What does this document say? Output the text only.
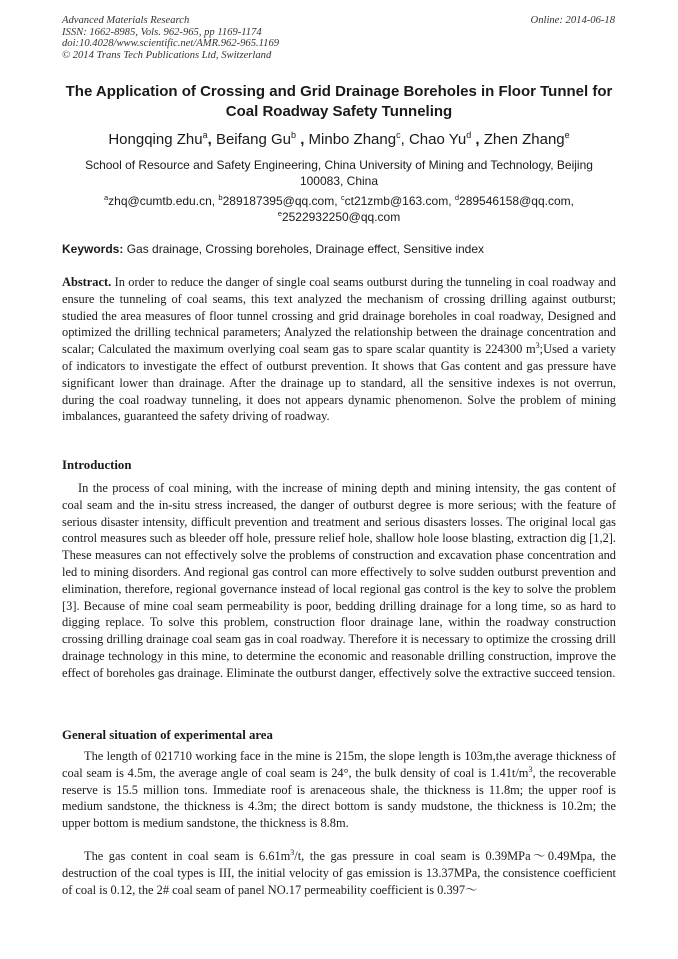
Advanced Materials Research
ISSN: 1662-8985, Vols. 962-965, pp 1169-1174
doi:10.4028/www.scientific.net/AMR.962-965.1169
© 2014 Trans Tech Publications Ltd, Switzerland
Online: 2014-06-18
The Application of Crossing and Grid Drainage Boreholes in Floor Tunnel for Coal Roadway Safety Tunneling
Hongqing Zhu$^a$, Beifang Gu$^b$ , Minbo Zhang$^c$, Chao Yu$^d$ , Zhen Zhang$^e$
School of Resource and Safety Engineering, China University of Mining and Technology, Beijing 100083, China
$^a$zhq@cumtb.edu.cn, $^b$289187395@qq.com, $^c$ct21zmb@163.com, $^d$289546158@qq.com,
$^e$2522932250@qq.com
Keywords: Gas drainage, Crossing boreholes, Drainage effect, Sensitive index
Abstract. In order to reduce the danger of single coal seams outburst during the tunneling in coal roadway and ensure the tunneling of coal seams, this text analyzed the mechanism of crossing drilling against outburst; studied the area measures of floor tunnel crossing and grid drainage boreholes in coal roadway, Designed and optimized the drilling technical parameters; Analyzed the relationship between the drainage concentration and scalar; Calculated the maximum overlying coal seam gas to spare scalar quantity is 224300 $m^3;Used$ a variety of indicators to investigate the effect of outburst prevention. It shows that Gas content and gas pressure have significant lower than drainage. After the drainage up to standard, all the sensitive indexes is not overrun, during the coal roadway tunneling, it does not appears dynamic phenomenon. Solve the problem of mining imbalances, guaranteed the safety driving of roadway.
Introduction
In the process of coal mining, with the increase of mining depth and mining intensity, the gas content of coal seam and the in-situ stress increased, the danger of outburst degree is more serious; with the feature of serious disaster intensity, difficult prevention and treatment and serious disasters losses. The original local gas control measures such as bleeder off hole, pressure relief hole, shallow hole loose blasting, extraction dig [1,2]. These measures can not effectively solve the problems of construction and excavation phase concentration and led to mining disorders. And regional gas control can more effectively to solve sudden outburst prevention and elimination, therefore, regional governance instead of local regional gas control is the key to solve the problem [3]. Because of mine coal seam permeability is poor, bedding drilling drainage for a long time, so as hard to digging replace. To solve this problem, construction floor drainage lane, within the roadway construction crossing drilling drainage coal seam gas in coal roadway. Therefore it is necessary to optimize the crossing drill drainage technology in this mine, to determine the economic and reasonable drilling construction, improve the effect of boreholes gas drainage. Eliminate the outburst danger, effectively solve the extractive succeed tension.
General situation of experimental area
The length of 021710 working face in the mine is 215m, the slope length is 103m,the average thickness of coal seam is 4.5m, the average angle of coal seam is 24°, the bulk density of coal is $1.41t/m^3$, the recoverable reserve is 15.5 million tons. Immediate roof is arenaceous shale, the thickness is 11.8m; the upper roof is medium sandstone, the thickness is 4.3m; the direct bottom is sandy mudstone, the thickness is 10.2m; the upper bottom is medium sandstone, the thickness is 8.8m.
The gas content in coal seam is $6.61m^3/t$, the gas pressure in coal seam is 0.39MPa～0.49Mpa, the destruction of the coal types is III, the initial velocity of gas emission is 13.37MPa, the consistence coefficient of coal is 0.12, the 2# coal seam of panel NO.17 permeability coefficient is 0.397～
